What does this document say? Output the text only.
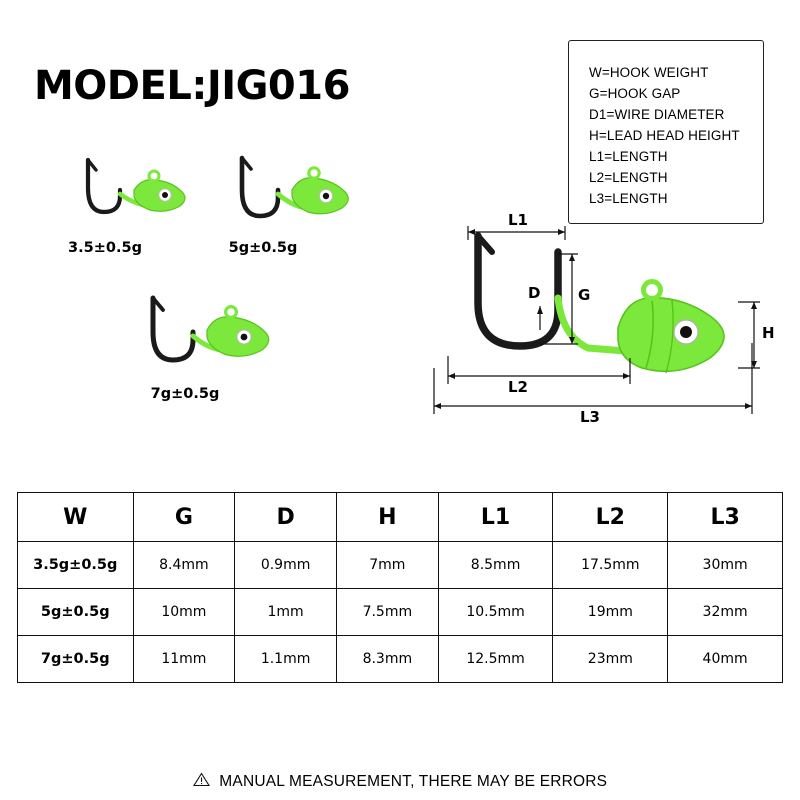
MODEL:JIG016	W=HOOK WEIGHT
G=HOOK GAP
D1=WIRE DIAMETER
H=LEAD HEAD HEIGHT
L1=LENGTH
L2=LENGTH
L3=LENGTH
3.5±0.5g	5g±0.5g
7g±0.5g
L1
G
D
L2
L3
H
W	G	D	H	L1	L2	L3
3.5g±0.5g	8.4mm	0.9mm	7mm	8.5mm	17.5mm	30mm
5g±0.5g	10mm	1mm	7.5mm	10.5mm	19mm	32mm
7g±0.5g	11mm	1.1mm	8.3mm	12.5mm	23mm	40mm
MANUAL MEASUREMENT, THERE MAY BE ERRORS
